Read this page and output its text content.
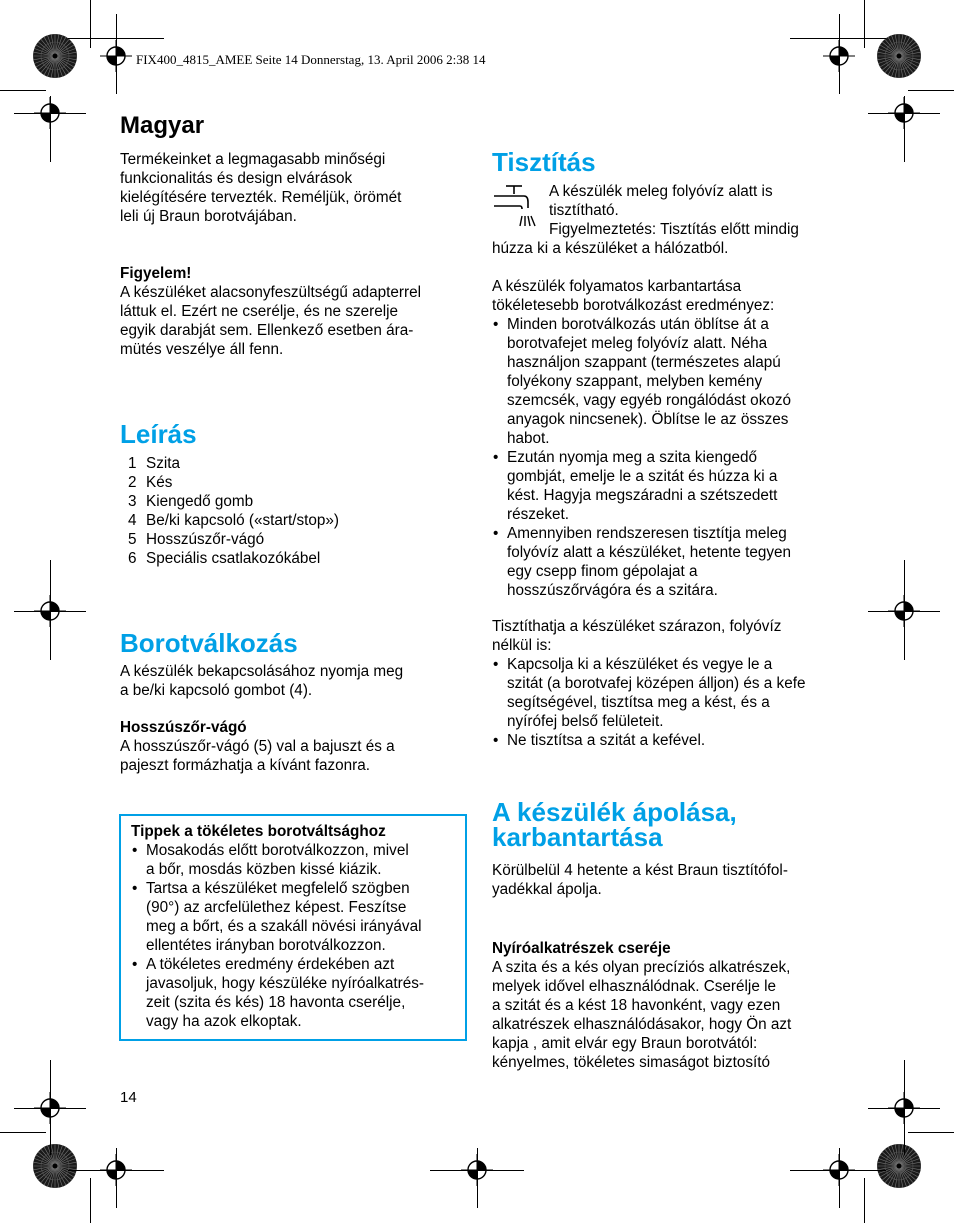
FIX400_4815_AMEE Seite 14 Donnerstag, 13. April 2006 2:38 14

Magyar

Termékeinket a legmagasabb minőségi
funkcionalitás és design elvárások
kielégítésére tervezték. Reméljük, örömét
leli új Braun borotvájában.

Figyelem!

A készüléket alacsonyfeszültségű adapterrel
láttuk el. Ezért ne cserélje, és ne szerelje
egyik darabját sem. Ellenkező esetben ára-
mütés veszélye áll fenn.

Leírás

1 Szita
2 Kés
3 Kiengedő gomb
4 Be/ki kapcsoló («start/stop»)
5 Hosszúszőr-vágó
6 Speciális csatlakozókábel

Borotválkozás

A készülék bekapcsolásához nyomja meg
a be/ki kapcsoló gombot (4).

Hosszúszőr-vágó

A hosszúszőr-vágó (5) val a bajuszt és a
pajeszt formázhatja a kívánt fazonra.

Tippek a tökéletes borotváltsághoz

• Mosakodás előtt borotválkozzon, mivel
a bőr, mosdás közben kissé kiázik.
• Tartsa a készüléket megfelelő szögben
(90°) az arcfelülethez képest. Feszítse
meg a bőrt, és a szakáll növési irányával
ellentétes irányban borotválkozzon.
• A tökéletes eredmény érdekében azt
javasoljuk, hogy készüléke nyíróalkatrés-
zeit (szita és kés) 18 havonta cserélje,
vagy ha azok elkoptak.
14

Tisztítás

A készülék meleg folyóvíz alatt is
tisztítható.
Figyelmeztetés: Tisztítás előtt mindig

húzza ki a készüléket a hálózatból.

A készülék folyamatos karbantartása
tökéletesebb borotválkozást eredményez:

• Minden borotválkozás után öblítse át a
borotvafejet meleg folyóvíz alatt. Néha
használjon szappant (természetes alapú
folyékony szappant, melyben kemény
szemcsék, vagy egyéb rongálódást okozó
anyagok nincsenek). Öblítse le az összes
habot.
• Ezután nyomja meg a szita kiengedő
gombját, emelje le a szitát és húzza ki a
kést. Hagyja megszáradni a szétszedett
részeket.
• Amennyiben rendszeresen tisztítja meleg
folyóvíz alatt a készüléket, hetente tegyen
egy csepp finom gépolajat a
hosszúszőrvágóra és a szitára.

Tisztíthatja a készüléket szárazon, folyóvíz
nélkül is:

• Kapcsolja ki a készüléket és vegye le a
szitát (a borotvafej középen álljon) és a kefe
segítségével, tisztítsa meg a kést, és a
nyírófej belső felületeit.
• Ne tisztítsa a szitát a kefével.

A készülék ápolása,
karbantartása

Körülbelül 4 hetente a kést Braun tisztítófol-
yadékkal ápolja.

Nyíróalkatrészek cseréje

A szita és a kés olyan precíziós alkatrészek,
melyek idővel elhasználódnak. Cserélje le
a szitát és a kést 18 havonként, vagy ezen
alkatrészek elhasználódásakor, hogy Ön azt
kapja , amit elvár egy Braun borotvától:
kényelmes, tökéletes simaságot biztosító
